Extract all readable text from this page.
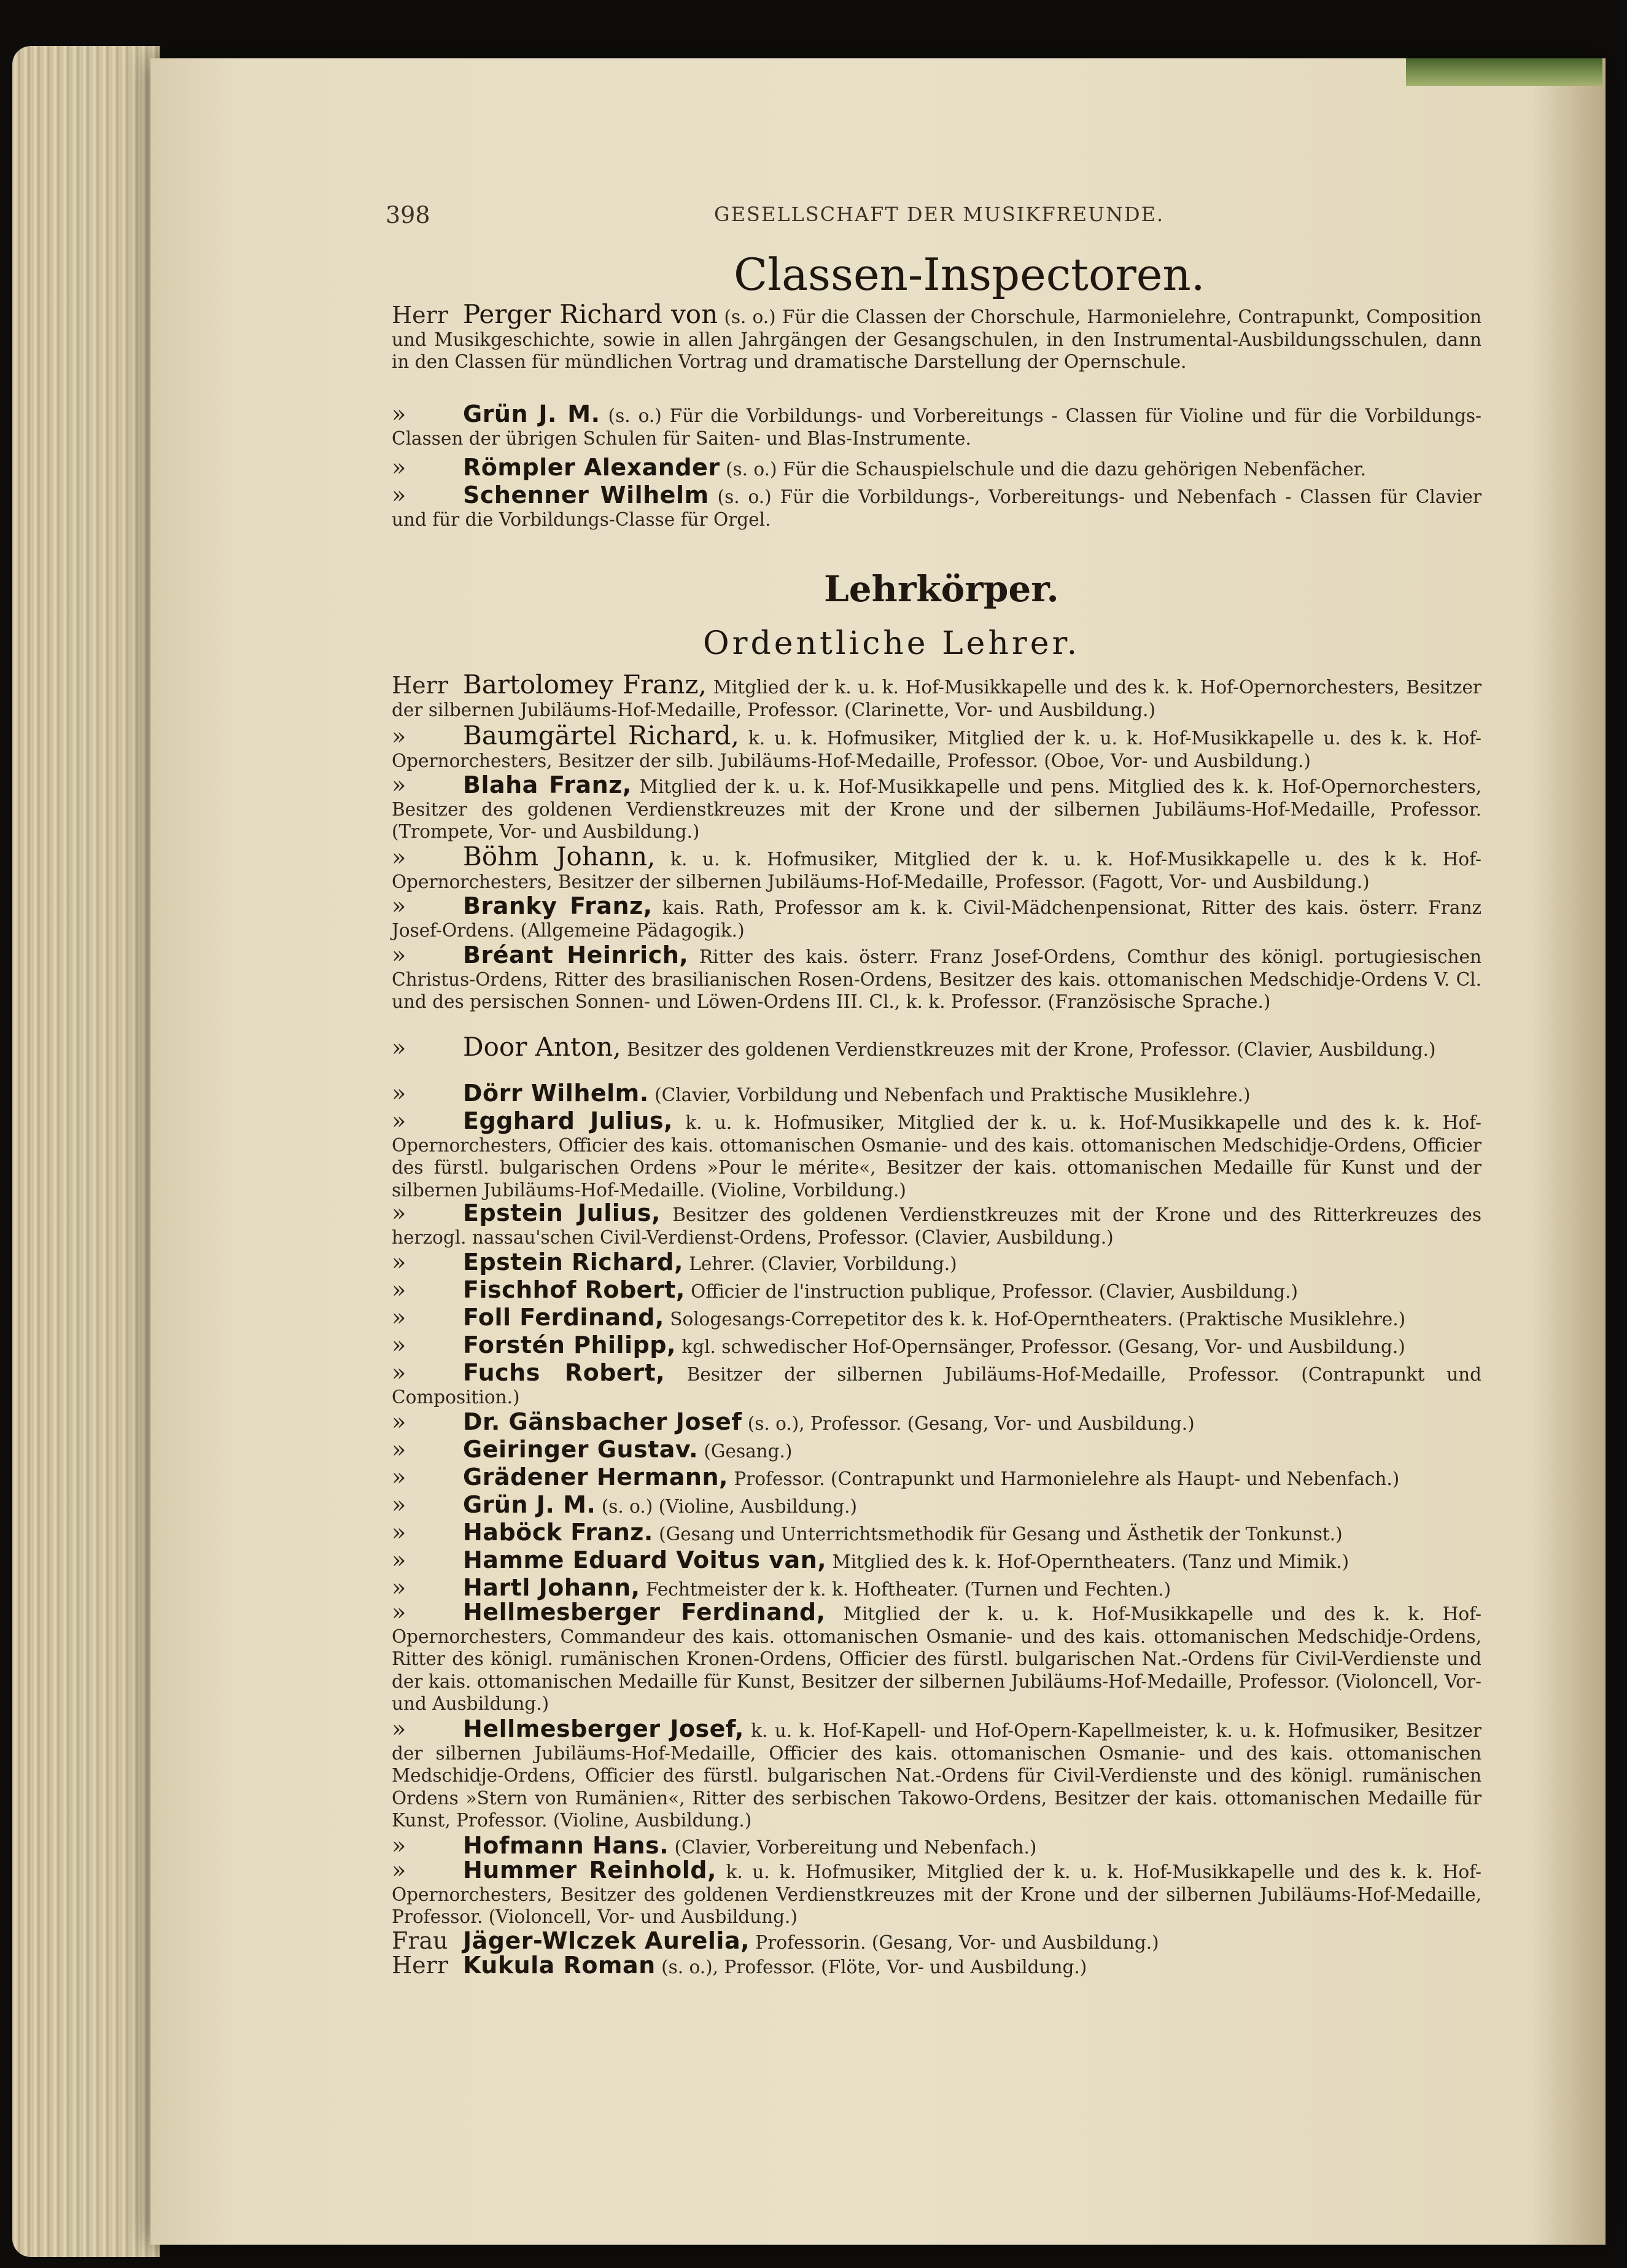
398	GESELLSCHAFT DER MUSIKFREUNDE.
Classen-Inspectoren.
Herr Perger Richard von (s. o.) Für die Classen der Chorschule, Harmonielehre, Contrapunkt, Composition und Musikgeschichte, sowie in allen Jahrgängen der Gesangschulen, in den Instrumental-Ausbildungsschulen, dann in den Classen für mündlichen Vortrag und dramatische Darstellung der Opernschule.
» Grün J. M. (s. o.) Für die Vorbildungs- und Vorbereitungs - Classen für Violine und für die Vorbildungs-Classen der übrigen Schulen für Saiten- und Blas-Instrumente.
» Römpler Alexander (s. o.) Für die Schauspielschule und die dazu gehörigen Nebenfächer.
» Schenner Wilhelm (s. o.) Für die Vorbildungs-, Vorbereitungs- und Nebenfach - Classen für Clavier und für die Vorbildungs-Classe für Orgel.
Lehrkörper.
Ordentliche Lehrer.
Herr Bartolomey Franz, Mitglied der k. u. k. Hof-Musikkapelle und des k. k. Hof-Opernorchesters, Besitzer der silbernen Jubiläums-Hof-Medaille, Professor. (Clarinette, Vor- und Ausbildung.)
» Baumgärtel Richard, k. u. k. Hofmusiker, Mitglied der k. u. k. Hof-Musikkapelle u. des k. k. Hof-Opernorchesters, Besitzer der silb. Jubiläums-Hof-Medaille, Professor. (Oboe, Vor- und Ausbildung.)
» Blaha Franz, Mitglied der k. u. k. Hof-Musikkapelle und pens. Mitglied des k. k. Hof-Opernorchesters, Besitzer des goldenen Verdienstkreuzes mit der Krone und der silbernen Jubiläums-Hof-Medaille, Professor. (Trompete, Vor- und Ausbildung.)
» Böhm Johann, k. u. k. Hofmusiker, Mitglied der k. u. k. Hof-Musikkapelle u. des k k. Hof-Opernorchesters, Besitzer der silbernen Jubiläums-Hof-Medaille, Professor. (Fagott, Vor- und Ausbildung.)
» Branky Franz, kais. Rath, Professor am k. k. Civil-Mädchenpensionat, Ritter des kais. österr. Franz Josef-Ordens. (Allgemeine Pädagogik.)
» Bréant Heinrich, Ritter des kais. österr. Franz Josef-Ordens, Comthur des königl. portugiesischen Christus-Ordens, Ritter des brasilianischen Rosen-Ordens, Besitzer des kais. ottomanischen Medschidje-Ordens V. Cl. und des persischen Sonnen- und Löwen-Ordens III. Cl., k. k. Professor. (Französische Sprache.)
» Door Anton, Besitzer des goldenen Verdienstkreuzes mit der Krone, Professor. (Clavier, Ausbildung.)
» Dörr Wilhelm. (Clavier, Vorbildung und Nebenfach und Praktische Musiklehre.)
» Egghard Julius, k. u. k. Hofmusiker, Mitglied der k. u. k. Hof-Musikkapelle und des k. k. Hof-Opernorchesters, Officier des kais. ottomanischen Osmanie- und des kais. ottomanischen Medschidje-Ordens, Officier des fürstl. bulgarischen Ordens »Pour le mérite«, Besitzer der kais. ottomanischen Medaille für Kunst und der silbernen Jubiläums-Hof-Medaille. (Violine, Vorbildung.)
» Epstein Julius, Besitzer des goldenen Verdienstkreuzes mit der Krone und des Ritterkreuzes des herzogl. nassau'schen Civil-Verdienst-Ordens, Professor. (Clavier, Ausbildung.)
» Epstein Richard, Lehrer. (Clavier, Vorbildung.)
» Fischhof Robert, Officier de l'instruction publique, Professor. (Clavier, Ausbildung.)
» Foll Ferdinand, Sologesangs-Correpetitor des k. k. Hof-Operntheaters. (Praktische Musiklehre.)
» Forstén Philipp, kgl. schwedischer Hof-Opernsänger, Professor. (Gesang, Vor- und Ausbildung.)
» Fuchs Robert, Besitzer der silbernen Jubiläums-Hof-Medaille, Professor. (Contrapunkt und Composition.)
» Dr. Gänsbacher Josef (s. o.), Professor. (Gesang, Vor- und Ausbildung.)
» Geiringer Gustav. (Gesang.)
» Grädener Hermann, Professor. (Contrapunkt und Harmonielehre als Haupt- und Nebenfach.)
» Grün J. M. (s. o.) (Violine, Ausbildung.)
» Haböck Franz. (Gesang und Unterrichtsmethodik für Gesang und Ästhetik der Tonkunst.)
» Hamme Eduard Voitus van, Mitglied des k. k. Hof-Operntheaters. (Tanz und Mimik.)
» Hartl Johann, Fechtmeister der k. k. Hoftheater. (Turnen und Fechten.)
» Hellmesberger Ferdinand, Mitglied der k. u. k. Hof-Musikkapelle und des k. k. Hof-Opernorchesters, Commandeur des kais. ottomanischen Osmanie- und des kais. ottomanischen Medschidje-Ordens, Ritter des königl. rumänischen Kronen-Ordens, Officier des fürstl. bulgarischen Nat.-Ordens für Civil-Verdienste und der kais. ottomanischen Medaille für Kunst, Besitzer der silbernen Jubiläums-Hof-Medaille, Professor. (Violoncell, Vor- und Ausbildung.)
» Hellmesberger Josef, k. u. k. Hof-Kapell- und Hof-Opern-Kapellmeister, k. u. k. Hofmusiker, Besitzer der silbernen Jubiläums-Hof-Medaille, Officier des kais. ottomanischen Osmanie- und des kais. ottomanischen Medschidje-Ordens, Officier des fürstl. bulgarischen Nat.-Ordens für Civil-Verdienste und des königl. rumänischen Ordens »Stern von Rumänien«, Ritter des serbischen Takowo-Ordens, Besitzer der kais. ottomanischen Medaille für Kunst, Professor. (Violine, Ausbildung.)
» Hofmann Hans. (Clavier, Vorbereitung und Nebenfach.)
» Hummer Reinhold, k. u. k. Hofmusiker, Mitglied der k. u. k. Hof-Musikkapelle und des k. k. Hof-Opernorchesters, Besitzer des goldenen Verdienstkreuzes mit der Krone und der silbernen Jubiläums-Hof-Medaille, Professor. (Violoncell, Vor- und Ausbildung.)
Frau Jäger-Wlczek Aurelia, Professorin. (Gesang, Vor- und Ausbildung.)
Herr Kukula Roman (s. o.), Professor. (Flöte, Vor- und Ausbildung.)
